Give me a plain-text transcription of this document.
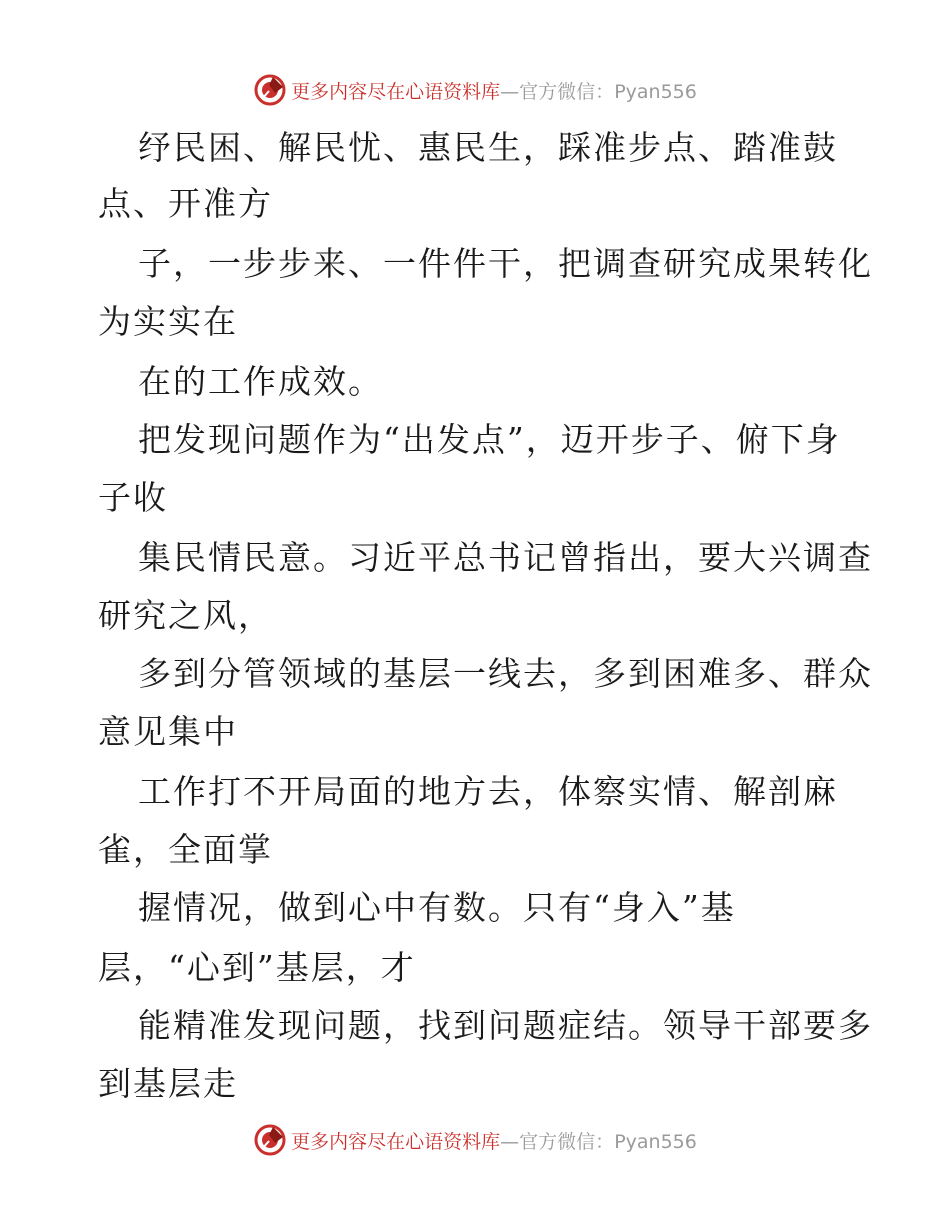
更多内容尽在心语资料库—官方微信：Pyan556
纾民困、解民忧、惠民生，踩准步点、踏准鼓
点、开准方
子，一步步来、一件件干，把调查研究成果转化
为实实在
在的工作成效。
把发现问题作为“出发点”，迈开步子、俯下身
子收
集民情民意。习近平总书记曾指出，要大兴调查
研究之风，
多到分管领域的基层一线去，多到困难多、群众
意见集中
工作打不开局面的地方去，体察实情、解剖麻
雀，全面掌
握情况，做到心中有数。只有“身入”基
层，“心到”基层，才
能精准发现问题，找到问题症结。领导干部要多
到基层走
更多内容尽在心语资料库—官方微信：Pyan556
